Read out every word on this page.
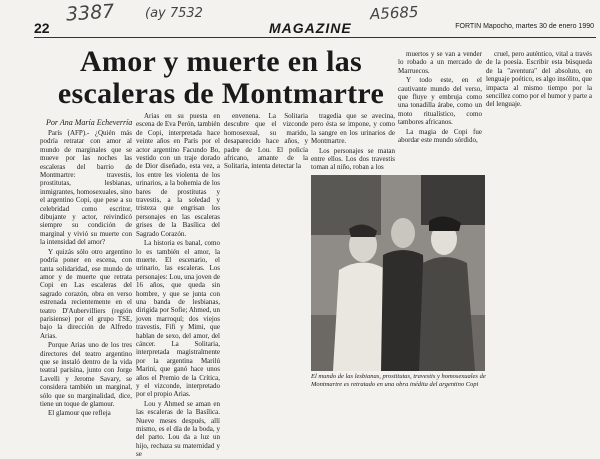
3387 (ay 7532	A5685
22	MAGAZINE	FORTIN Mapocho, martes 30 de enero 1990
Amor y muerte en las escaleras de Montmartre
Por Ana María Echeverría

París (AFP).- ¿Quién más podría retratar con amor al mundo de marginales que se mueve por las noches las escaleras del barrio de Montmartre: travestis, prostitutas, lesbianas, inmigrantes, homosexuales, sino el argentino Copi, que pese a su celebridad como escritor, dibujante y actor, reivindicó siempre su condición de marginal y vivió su muerte con la intensidad del amor?

Y quizás sólo otro argentino podría poner en escena, con tanta solidaridad, ese mundo de amor y de muerte que retrata Copi en Las escaleras del sagrado corazón, obra en verso estrenada recientemente en el teatro D'Aubervilliers (región parisiense) por el grupo TSE, bajo la dirección de Alfredo Arias.

Porque Arias uno de los tres directores del teatro argentino que se instaló dentro de la vida teatral parisina, junto con Jorge Lavelli y Jerome Savary, se considera también un marginal, sólo que su marginalidad, dice, tiene un toque de glamour.

El glamour que refleja

Arias en su puesta en escena de Eva Perón, también de Copi, interpretada hace veinte años en París por el actor argentino Facundo Bo, vestido con un traje dorado de Dior diseñado, esta vez, a los entre les violenta de los urinarios, a la bohemia de los bares de prostitutas y travestis, a la soledad y tristeza que engrisan los personajes en las escaleras grises de la Basílica del Sagrado Corazón.

La historia es banal, como lo es también el amor, la muerte. El escenario, el urinario, las escaleras. Los personajes: Lou, una joven de 16 años, que queda sin hombre, y que se junta con una banda de lesbianas, dirigida por Sofie; Ahmed, un joven marroquí; dos viejos travestis, Fifi y Mimi, que hablan de sexo, del amor, del cáncer. La Solitaria, interpretada magistralmente por la argentina Marilú Marini, que ganó hace unos años el Premio de la Crítica, y el vizconde, interpretado por el propio Arias.

Lou y Ahmed se aman en las escaleras de la Basílica. Nueve meses después, allí mismo, es el día de la boda, y del parto. Lou da a luz un hijo, rechaza su maternidad y se

envenena. La Solitaria descubre que el vizconde homosexual, su marido, desaparecido hace años, y padre de Lou. El policía africano, amante de la Solitaria, intenta detectar la

tragedia que se avecina, pero ésta se impone, y como la sangre en los urinarios de Montmartre.

Los personajes se matan entre ellos. Los dos travestis toman al niño, roban a los

muertos y se van a vender lo robado a un mercado de Marruecos.

Y todo este, en el cautivante mundo del verso, que fluye y embruja como una tonadilla árabe, como un moto ritualístico, como tambores africanos.

La magia de Copi fue abordar este mundo sórdido,

cruel, pero auténtico, vital a través de la poesía. Escribir esta búsqueda de la "aventura" del absoluto, en lenguaje poético, es algo insólito, que impacta al mismo tiempo por la sencillez como por el humor y parte a del lenguaje.

El mundo de las lesbianas, prostitutas, travestis y homosexuales de Montmartre es retratado en una obra inédita del argentino Copi
